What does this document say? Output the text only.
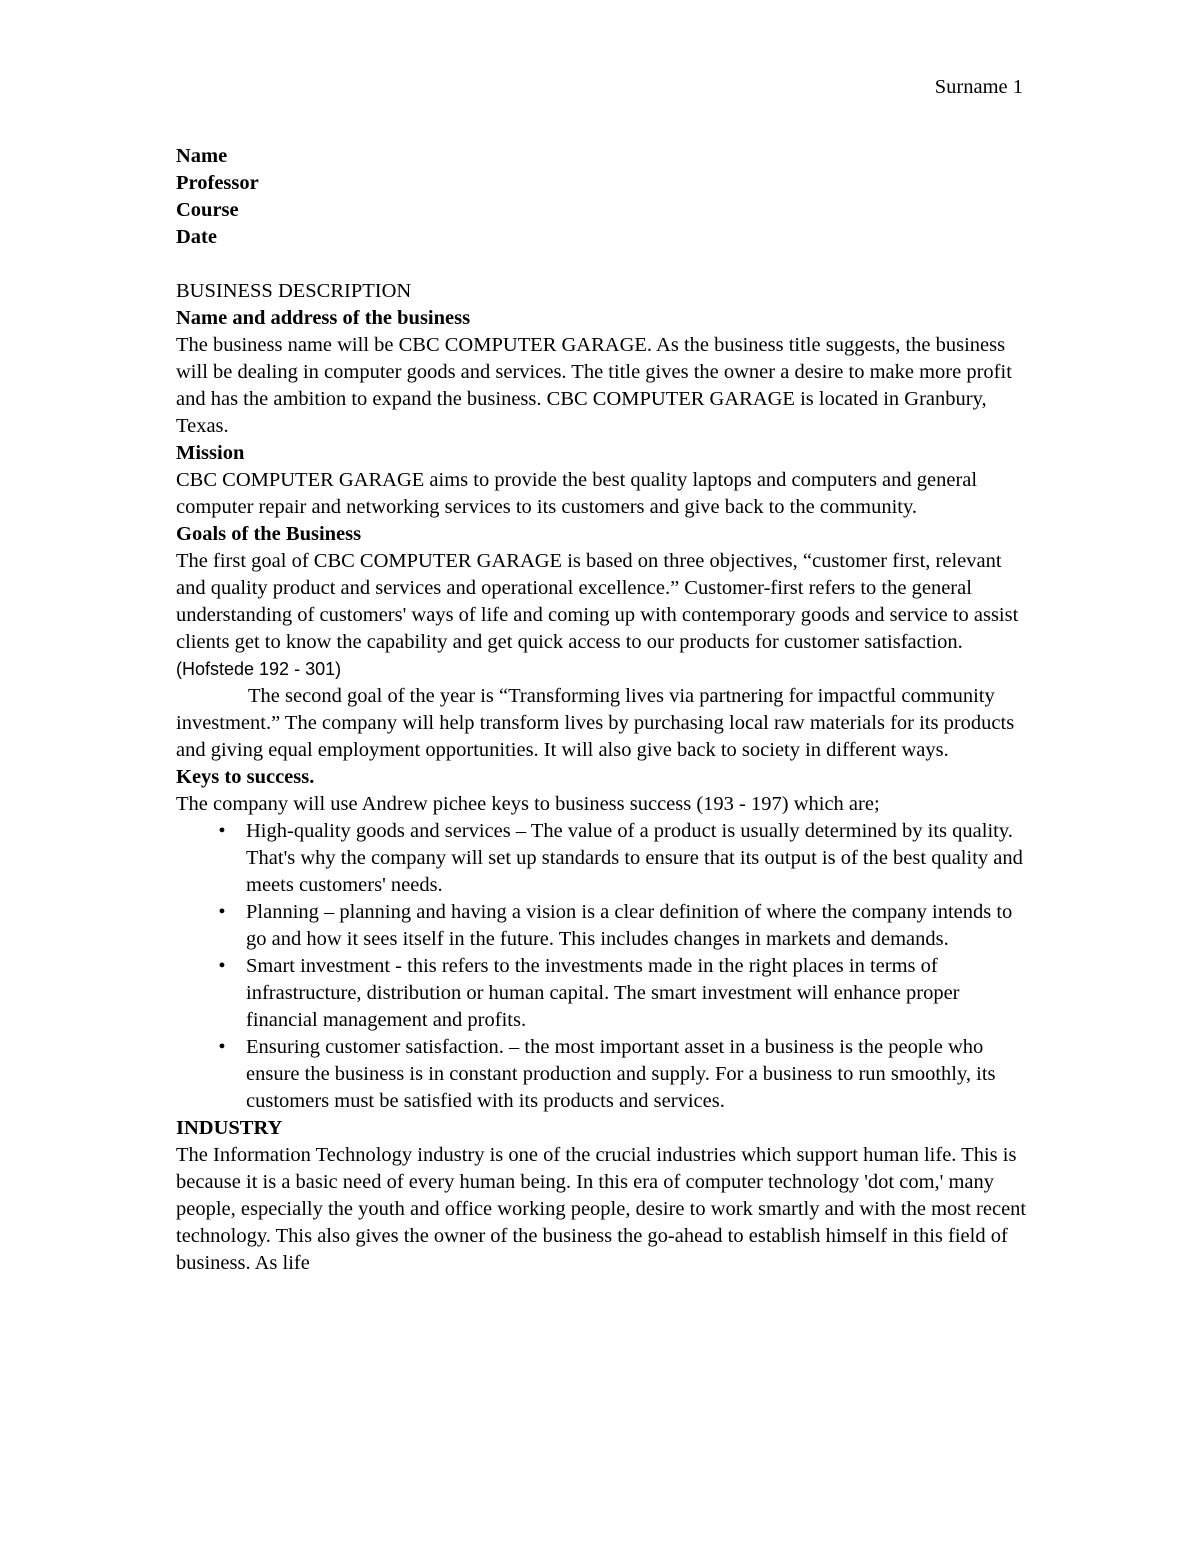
Surname 1

Name

Professor

Course

Date

BUSINESS DESCRIPTION

Name and address of the business

The business name will be CBC COMPUTER GARAGE. As the business title suggests, the business will be dealing in computer goods and services. The title gives the owner a desire to make more profit and has the ambition to expand the business. CBC COMPUTER GARAGE is located in Granbury, Texas.

Mission

CBC COMPUTER GARAGE aims to provide the best quality laptops and computers and general computer repair and networking services to its customers and give back to the community.

Goals of the Business

The first goal of CBC COMPUTER GARAGE is based on three objectives, “customer first, relevant and quality product and services and operational excellence.” Customer-first refers to the general understanding of customers' ways of life and coming up with contemporary goods and service to assist clients get to know the capability and get quick access to our products for customer satisfaction. (Hofstede 192 - 301)

The second goal of the year is “Transforming lives via partnering for impactful community investment.” The company will help transform lives by purchasing local raw materials for its products and giving equal employment opportunities. It will also give back to society in different ways.

Keys to success.

The company will use Andrew pichee keys to business success (193 - 197) which are;

• High-quality goods and services – The value of a product is usually determined by its quality. That's why the company will set up standards to ensure that its output is of the best quality and meets customers' needs.
• Planning – planning and having a vision is a clear definition of where the company intends to go and how it sees itself in the future. This includes changes in markets and demands.
• Smart investment - this refers to the investments made in the right places in terms of infrastructure, distribution or human capital. The smart investment will enhance proper financial management and profits.
• Ensuring customer satisfaction. – the most important asset in a business is the people who ensure the business is in constant production and supply. For a business to run smoothly, its customers must be satisfied with its products and services.

INDUSTRY

The Information Technology industry is one of the crucial industries which support human life. This is because it is a basic need of every human being. In this era of computer technology 'dot com,' many people, especially the youth and office working people, desire to work smartly and with the most recent technology. This also gives the owner of the business the go-ahead to establish himself in this field of business. As life
